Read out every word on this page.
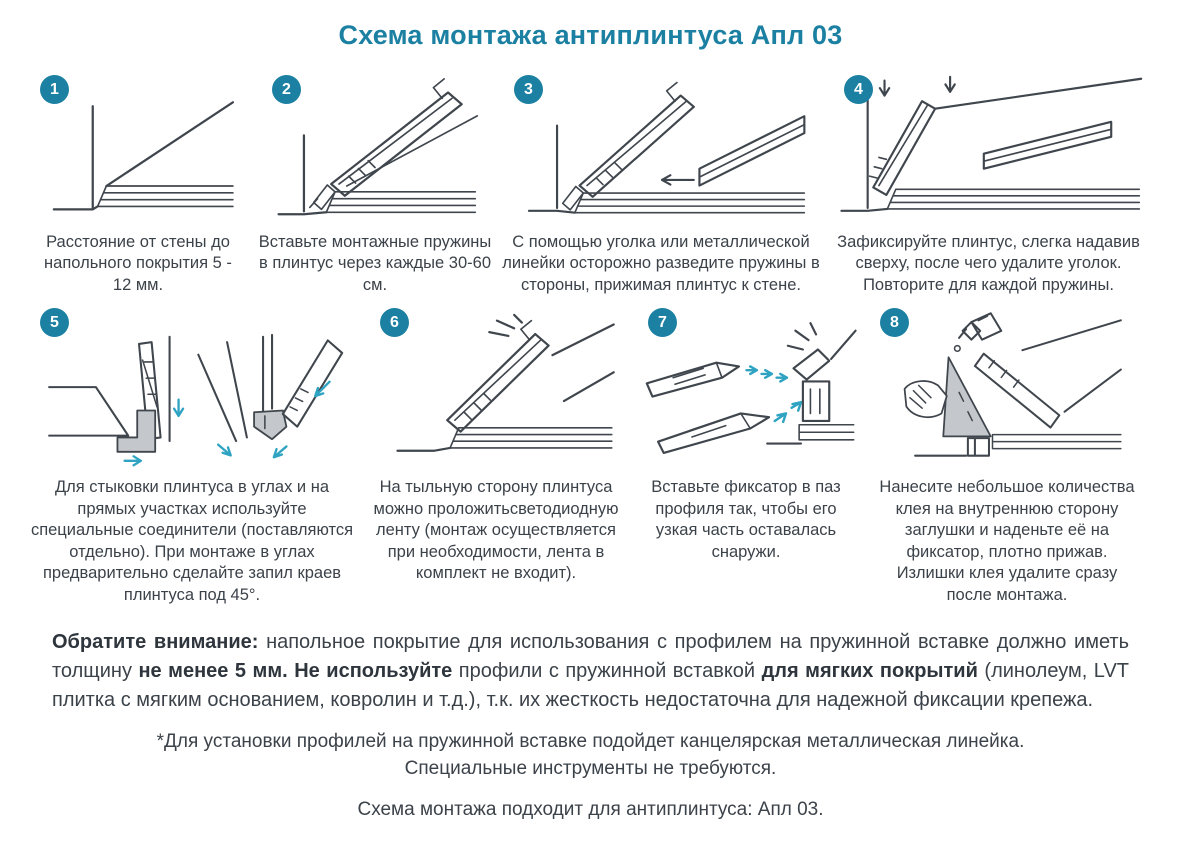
Схема монтажа антиплинтуса Апл 03
1
Расстояние от стены до напольного покрытия 5 - 12 мм.
2
Вставьте монтажные пружины в плинтус через каждые 30-60 см.
3
С помощью уголка или металлической линейки осторожно разведите пружины в стороны, прижимая плинтус к стене.
4
Зафиксируйте плинтус, слегка надавив сверху, после чего удалите уголок. Повторите для каждой пружины.
5
Для стыковки плинтуса в углах и на прямых участках используйте специальные соединители (поставляются отдельно). При монтаже в углах предварительно сделайте запил краев плинтуса под 45°.
6
На тыльную сторону плинтуса можно проложитьсветодиодную ленту (монтаж осуществляется при необходимости, лента в комплект не входит).
7
Вставьте фиксатор в паз профиля так, чтобы его узкая часть оставалась снаружи.
8
Нанесите небольшое количества клея на внутреннюю сторону заглушки и наденьте её на фиксатор, плотно прижав. Излишки клея удалите сразу после монтажа.

Обратите внимание: напольное покрытие для использования с профилем на пружинной вставке должно иметь толщину не менее 5 мм. Не используйте профили с пружинной вставкой для мягких покрытий (линолеум, LVT плитка с мягким основанием, ковролин и т.д.), т.к. их жесткость недостаточна для надежной фиксации крепежа.

*Для установки профилей на пружинной вставке подойдет канцелярская металлическая линейка.
Специальные инструменты не требуются.
Схема монтажа подходит для антиплинтуса: Апл 03.
